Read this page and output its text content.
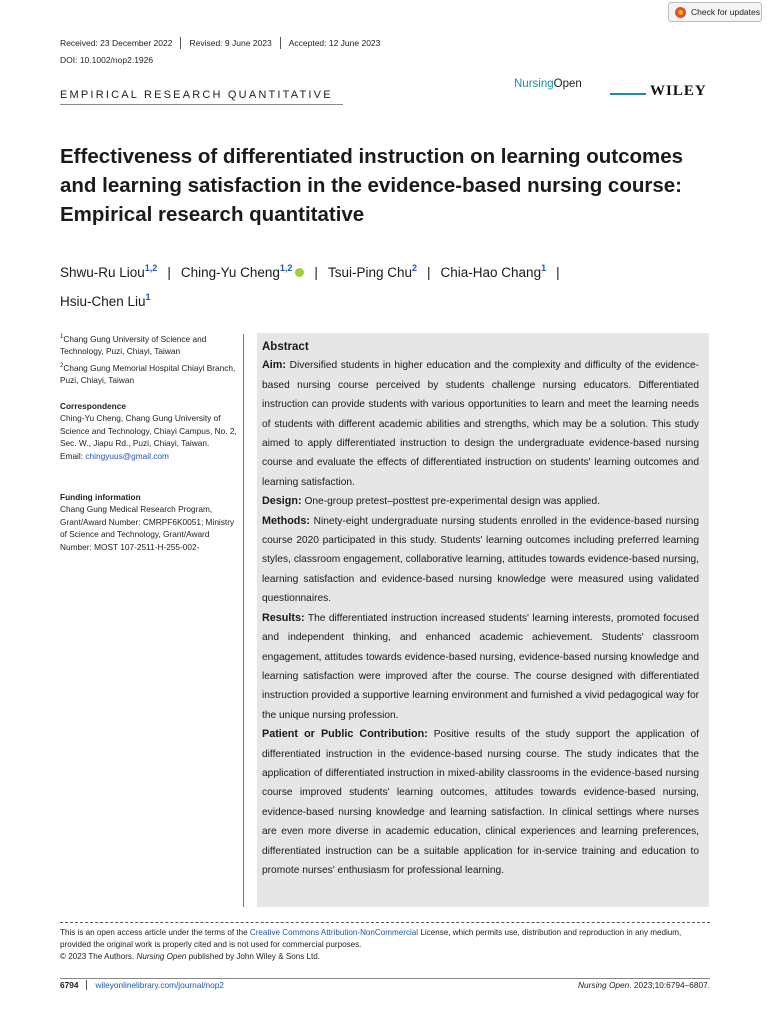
Check for updates
Received: 23 December 2022	Revised: 9 June 2023	Accepted: 12 June 2023
DOI: 10.1002/nop2.1926
EMPIRICAL RESEARCH QUANTITATIVE
NursingOpen	WILEY
Effectiveness of differentiated instruction on learning outcomes and learning satisfaction in the evidence-based nursing course: Empirical research quantitative
Shwu-Ru Liou$^{1,2}$ | Ching-Yu Cheng$^{1,2}$ | Tsui-Ping Chu$^2$ | Chia-Hao Chang$^1$ |
Hsiu-Chen Liu$^1$
$^1$Chang Gung University of Science and Technology, Puzi, Chiayi, Taiwan
$^2$Chang Gung Memorial Hospital Chiayi Branch, Puzi, Chiayi, Taiwan
Correspondence
Ching-Yu Cheng, Chang Gung University of Science and Technology, Chiayi Campus, No. 2, Sec. W., Jiapu Rd., Puzi, Chiayi, Taiwan.
Email: chingyuus@gmail.com
Funding information
Chang Gung Medical Research Program, Grant/Award Number: CMRPF6K0051; Ministry of Science and Technology, Grant/Award Number: MOST 107-2511-H-255-002-
Abstract

Aim: Diversified students in higher education and the complexity and difficulty of the evidence-based nursing course perceived by students challenge nursing educators. Differentiated instruction can provide students with various opportunities to learn and meet the learning needs of students with different academic abilities and strengths, which may be a solution. This study aimed to apply differentiated instruction to design the undergraduate evidence-based nursing course and evaluate the effects of differentiated instruction on students' learning outcomes and learning satisfaction.

Design: One-group pretest–posttest pre-experimental design was applied.

Methods: Ninety-eight undergraduate nursing students enrolled in the evidence-based nursing course 2020 participated in this study. Students' learning outcomes including preferred learning styles, classroom engagement, collaborative learning, attitudes towards evidence-based nursing, learning satisfaction and evidence-based nursing knowledge were measured using validated questionnaires.

Results: The differentiated instruction increased students' learning interests, promoted focused and independent thinking, and enhanced academic achievement. Students' classroom engagement, attitudes towards evidence-based nursing, evidence-based nursing knowledge and learning satisfaction were improved after the course. The course designed with differentiated instruction provided a supportive learning environment and furnished a vivid pedagogical way for the unique nursing profession.

Patient or Public Contribution: Positive results of the study support the application of differentiated instruction in the evidence-based nursing course. The study indicates that the application of differentiated instruction in mixed-ability classrooms in the evidence-based nursing course improved students' learning outcomes, attitudes towards evidence-based nursing, evidence-based nursing knowledge and learning satisfaction. In clinical settings where nurses are even more diverse in academic education, clinical experiences and learning preferences, differentiated instruction can be a suitable application for in-service training and education to promote nurses' enthusiasm for professional learning.

This is an open access article under the terms of the Creative Commons Attribution-NonCommercial License, which permits use, distribution and reproduction in any medium, provided the original work is properly cited and is not used for commercial purposes.
© 2023 The Authors. Nursing Open published by John Wiley & Sons Ltd.
6794 wileyonlinelibrary.com/journal/nop2	Nursing Open. 2023;10:6794–6807.
